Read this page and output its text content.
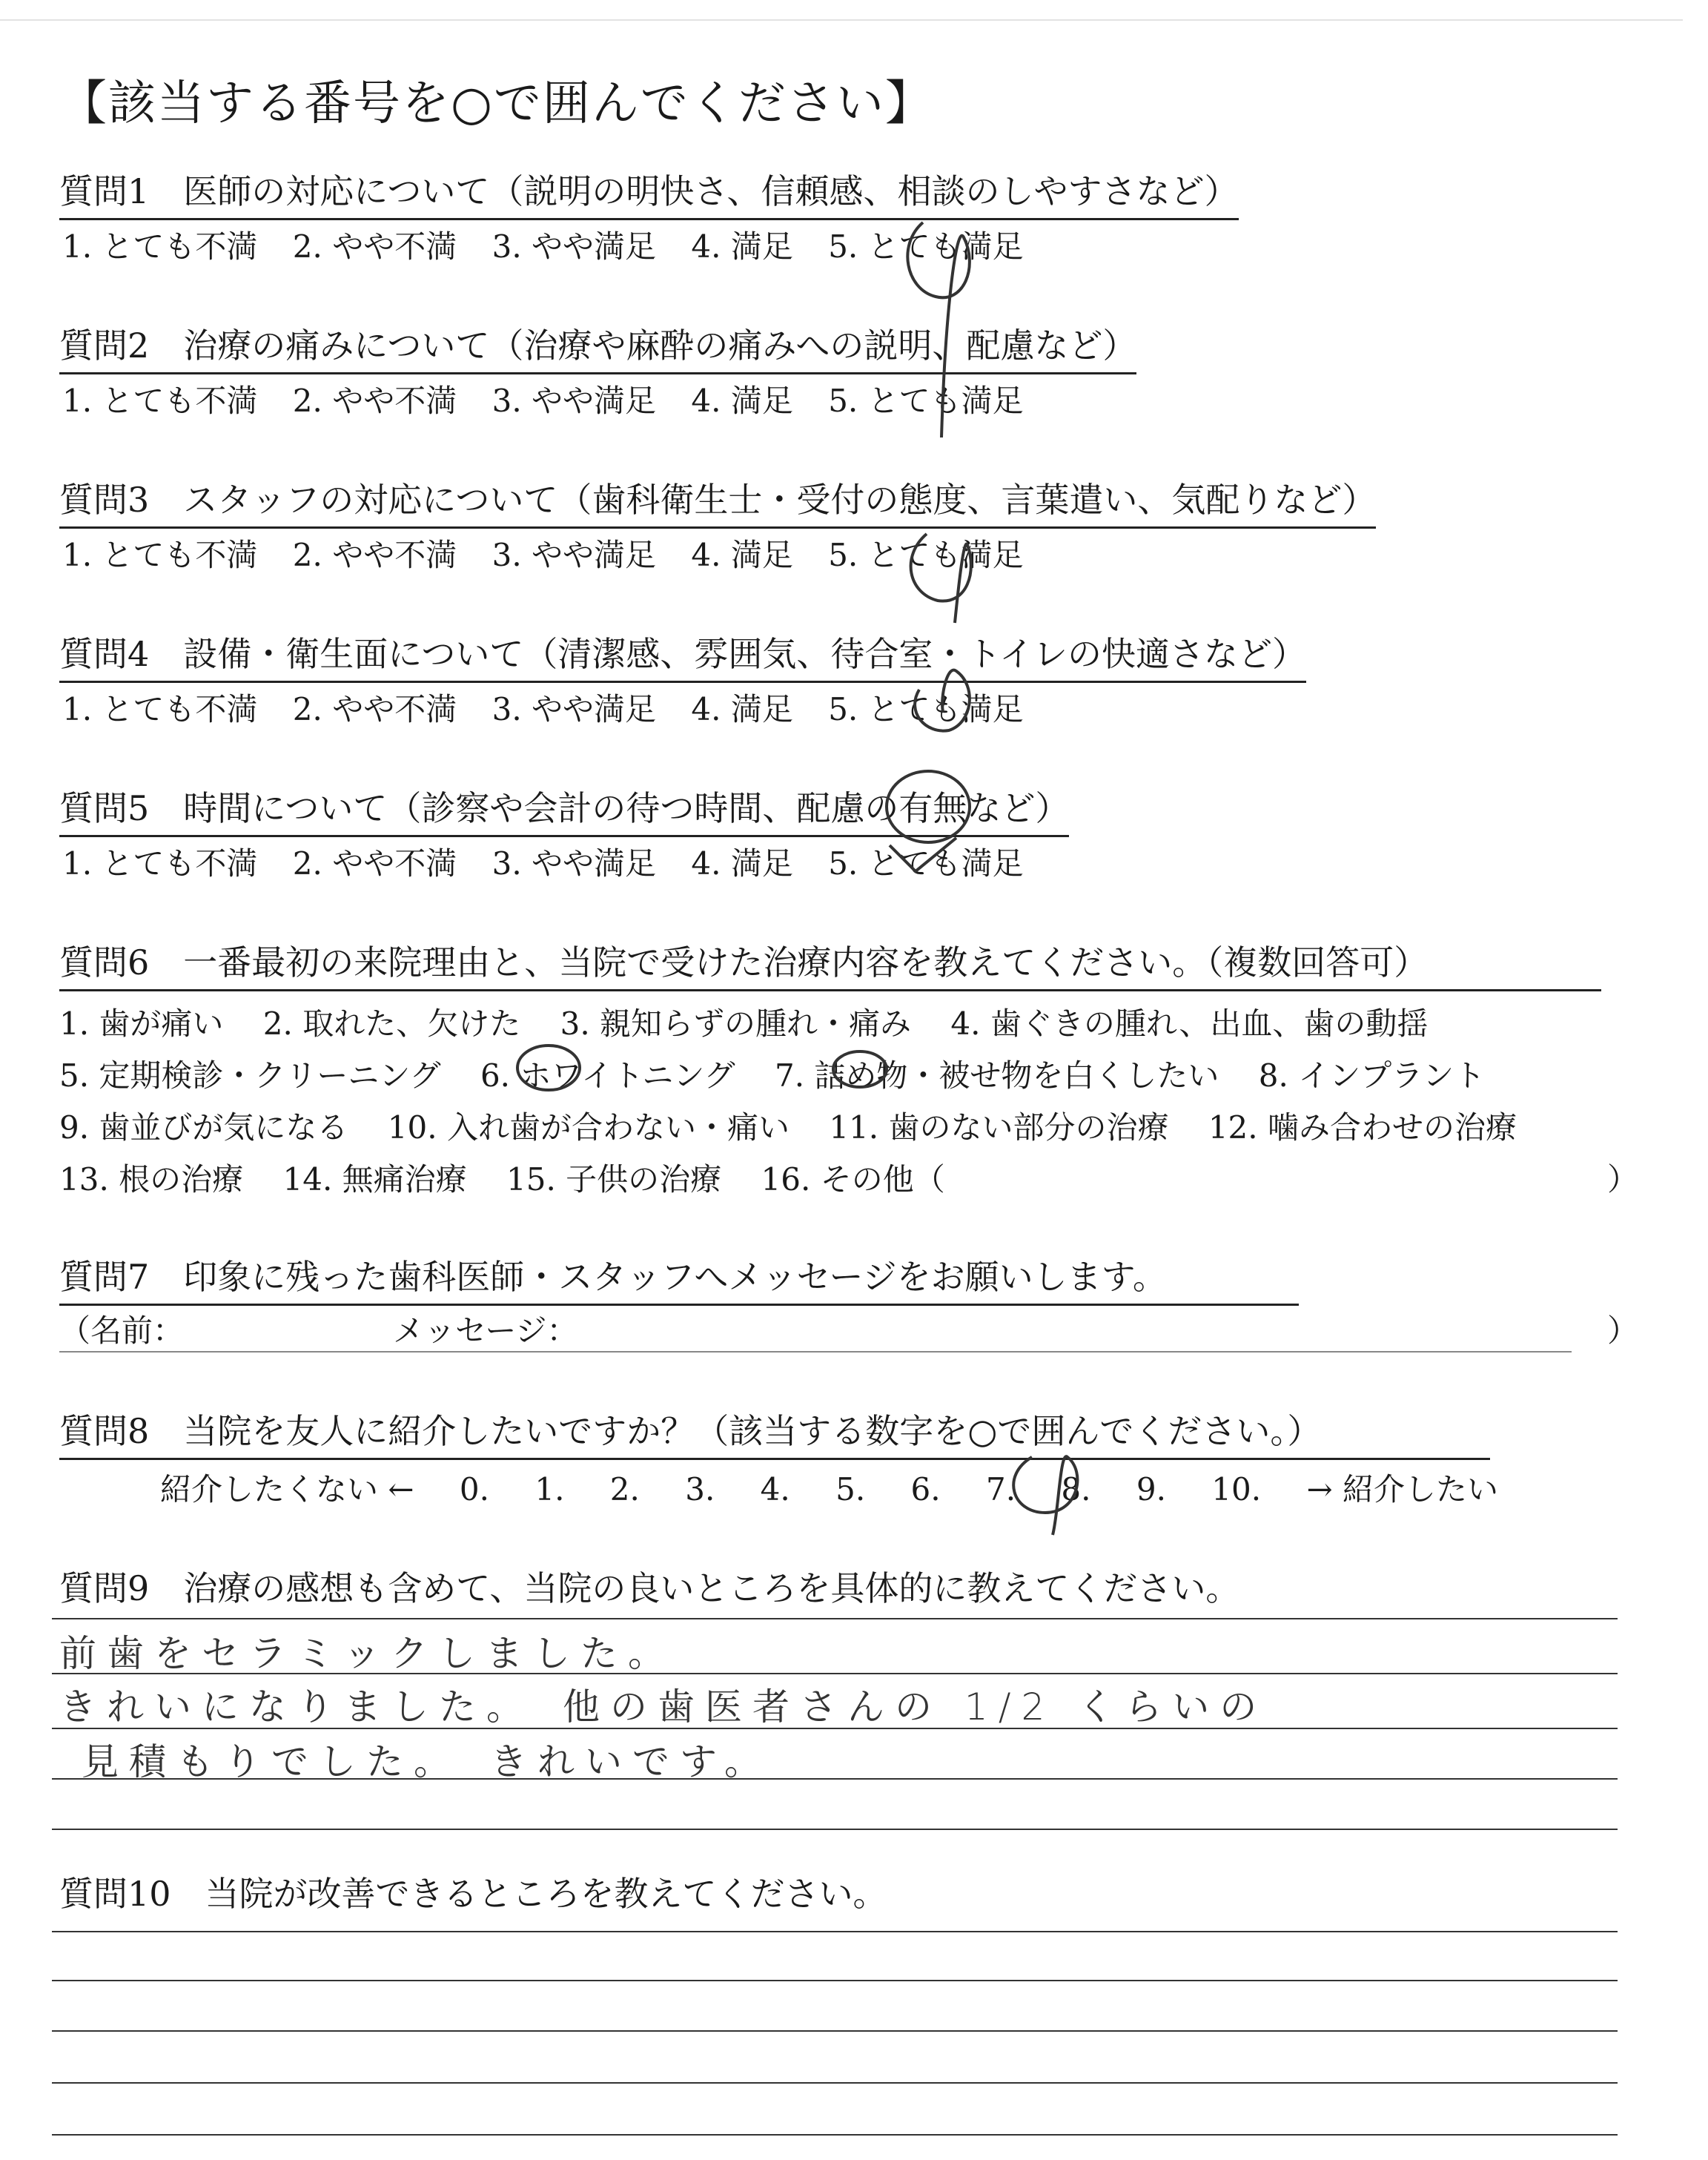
【該当する番号を○で囲んでください】
質問1　医師の対応について（説明の明快さ、信頼感、相談のしやすさなど）
1. とても不満 2. やや不満 3. やや満足 4. 満足 5. とても満足
質問2　治療の痛みについて（治療や麻酔の痛みへの説明、配慮など）
1. とても不満 2. やや不満 3. やや満足 4. 満足 5. とても満足
質問3　スタッフの対応について（歯科衛生士・受付の態度、言葉遣い、気配りなど）
1. とても不満 2. やや不満 3. やや満足 4. 満足 5. とても満足
質問4　設備・衛生面について（清潔感、雰囲気、待合室・トイレの快適さなど）
1. とても不満 2. やや不満 3. やや満足 4. 満足 5. とても満足
質問5　時間について（診察や会計の待つ時間、配慮の有無など）
1. とても不満 2. やや不満 3. やや満足 4. 満足 5. とても満足
質問6　一番最初の来院理由と、当院で受けた治療内容を教えてください。（複数回答可）
1. 歯が痛い 2. 取れた、欠けた 3. 親知らずの腫れ・痛み 4. 歯ぐきの腫れ、出血、歯の動揺
5. 定期検診・クリーニング 6. ホワイトニング 7. 詰め物・被せ物を白くしたい 8. インプラント
9. 歯並びが気になる 10. 入れ歯が合わない・痛い 11. 歯のない部分の治療 12. 噛み合わせの治療
13. 根の治療 14. 無痛治療 15. 子供の治療 16. その他（	）
質問7　印象に残った歯科医師・スタッフへメッセージをお願いします。
（名前：	メッセージ：	）
質問8　当院を友人に紹介したいですか？（該当する数字を○で囲んでください。）
紹介したくない ← 0. 1. 2. 3. 4. 5. 6. 7. 8. 9. 10. → 紹介したい
質問9　治療の感想も含めて、当院の良いところを具体的に教えてください。
前歯をセラミックしました。
きれいになりました。　他の歯医者さんの 1/2 くらいの
見積もりでした。　きれいです。
質問10　当院が改善できるところを教えてください。
